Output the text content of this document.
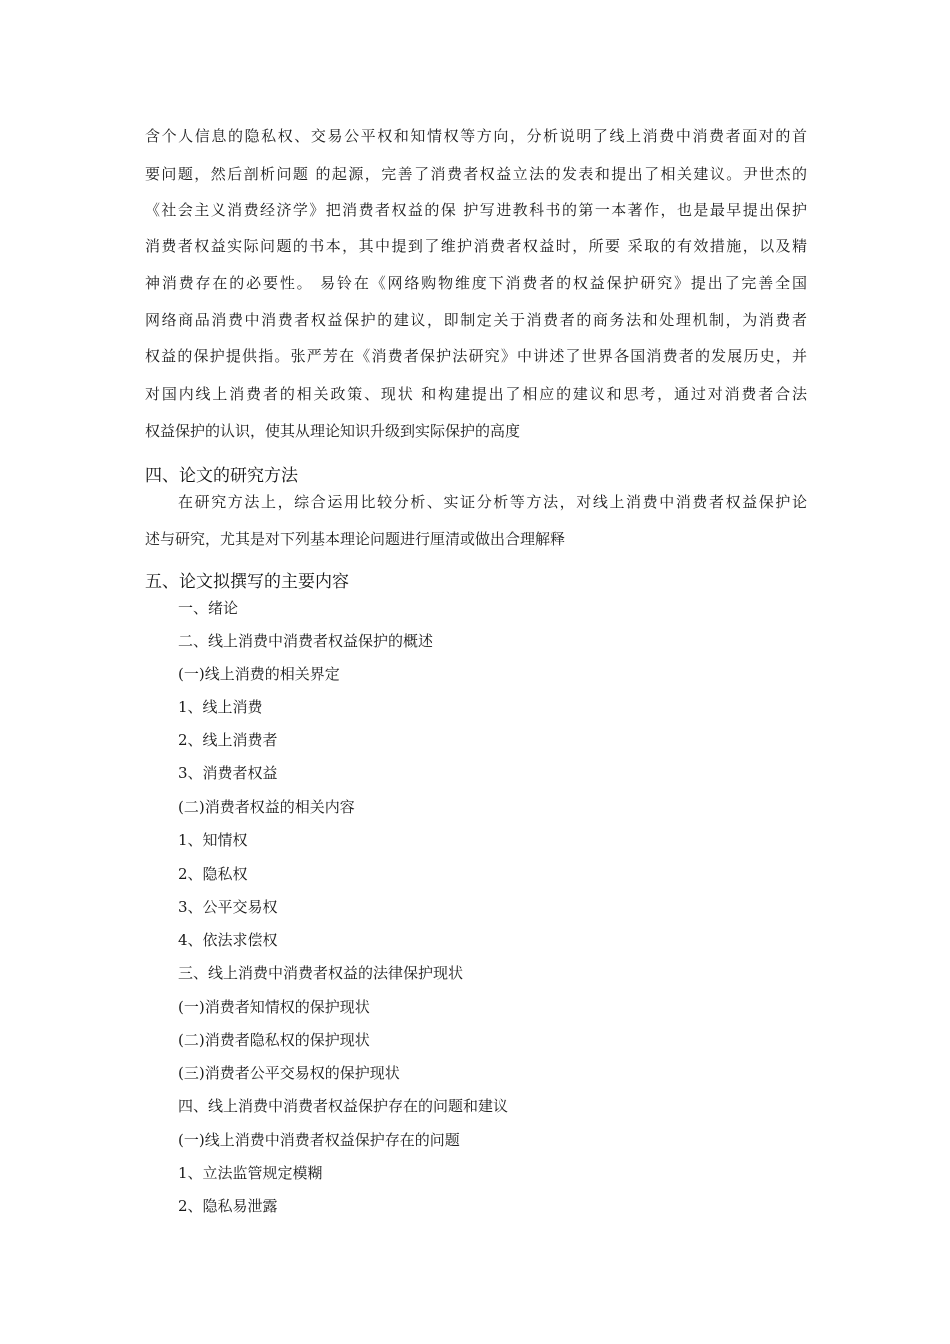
含个人信息的隐私权、交易公平权和知情权等方向，分析说明了线上消费中消费者面对的首
要问题，然后剖析问题 的起源，完善了消费者权益立法的发表和提出了相关建议。尹世杰的
《社会主义消费经济学》把消费者权益的保 护写进教科书的第一本著作，也是最早提出保护
消费者权益实际问题的书本，其中提到了维护消费者权益时，所要 采取的有效措施，以及精
神消费存在的必要性。 易铃在《网络购物维度下消费者的权益保护研究》提出了完善全国
网络商品消费中消费者权益保护的建议，即制定关于消费者的商务法和处理机制，为消费者
权益的保护提供指。张严芳在《消费者保护法研究》中讲述了世界各国消费者的发展历史，并
对国内线上消费者的相关政策、现状 和构建提出了相应的建议和思考，通过对消费者合法
权益保护的认识，使其从理论知识升级到实际保护的高度
四、论文的研究方法
在研究方法上，综合运用比较分析、实证分析等方法，对线上消费中消费者权益保护论
述与研究，尤其是对下列基本理论问题进行厘清或做出合理解释
五、论文拟撰写的主要内容
一、绪论
二、线上消费中消费者权益保护的概述
(一)线上消费的相关界定
1、线上消费
2、线上消费者
3、消费者权益
(二)消费者权益的相关内容
1、知情权
2、隐私权
3、公平交易权
4、依法求偿权
三、线上消费中消费者权益的法律保护现状
(一)消费者知情权的保护现状
(二)消费者隐私权的保护现状
(三)消费者公平交易权的保护现状
四、线上消费中消费者权益保护存在的问题和建议
(一)线上消费中消费者权益保护存在的问题
1、立法监管规定模糊
2、隐私易泄露
